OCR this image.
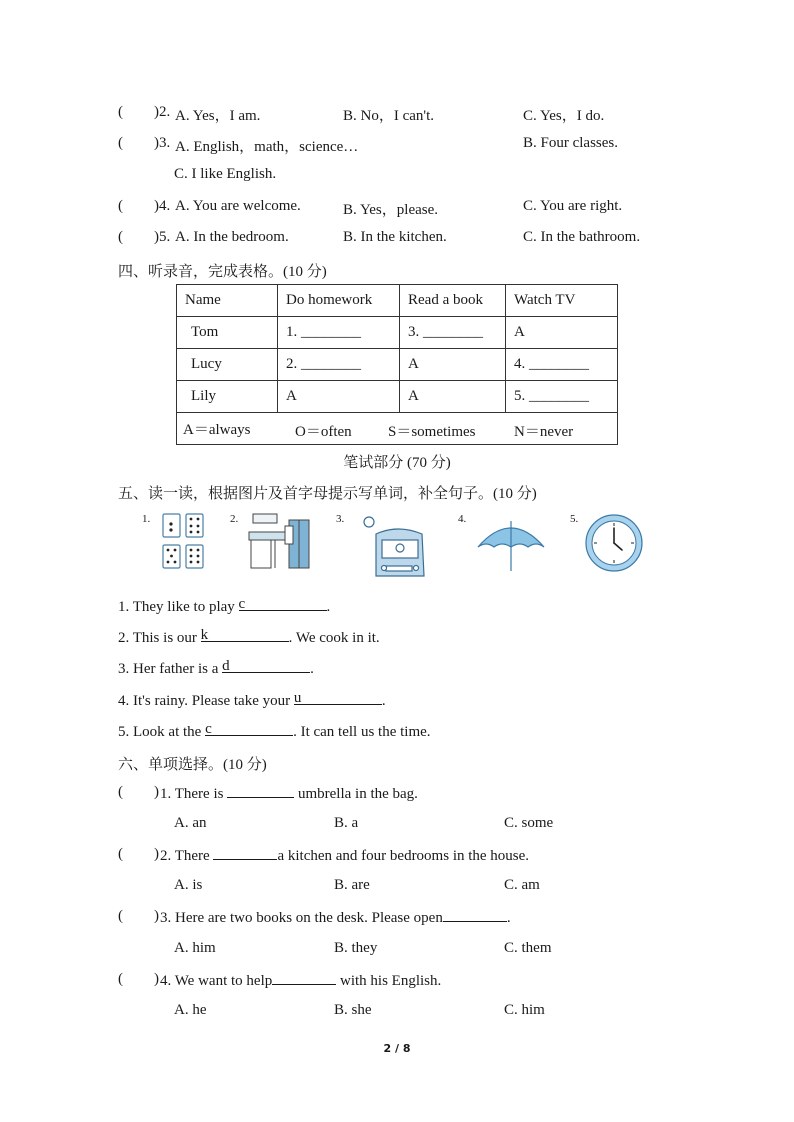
( ) 2. A. Yes，I am.	B. No，I can't.	C. Yes，I do.
( ) 3. A. English，math，science…	B. Four classes.
C. I like English.
( ) 4. A. You are welcome.	B. Yes，please.	C. You are right.
( ) 5. A. In the bedroom.	B. In the kitchen.	C. In the bathroom.
四、听录音，完成表格。(10 分)
Name	Do homework	Read a book	Watch TV
Tom	1. ________	3. ________	A
Lucy	2. ________	A	4. ________
Lily	A	A	5. ________
A＝always O＝often S＝sometimes N＝never			
笔试部分 (70 分)
五、读一读，根据图片及首字母提示写单词，补全句子。(10 分)
1.	2.	3.	4.	5.
1. They like to play c	.
2. This is our k	. We cook in it.
3. Her father is a d	.
4. It's rainy. Please take your u	.
5. Look at the c	. It can tell us the time.
六、单项选择。(10 分)
( ) 1. There is	umbrella in the bag.
A. an	B. a	C. some
( ) 2. There	a kitchen and four bedrooms in the house.
A. is	B. are	C. am
( ) 3. Here are two books on the desk. Please open	.
A. him	B. they	C. them
( ) 4. We want to help	with his English.
A. he	B. she	C. him
2 / 8
